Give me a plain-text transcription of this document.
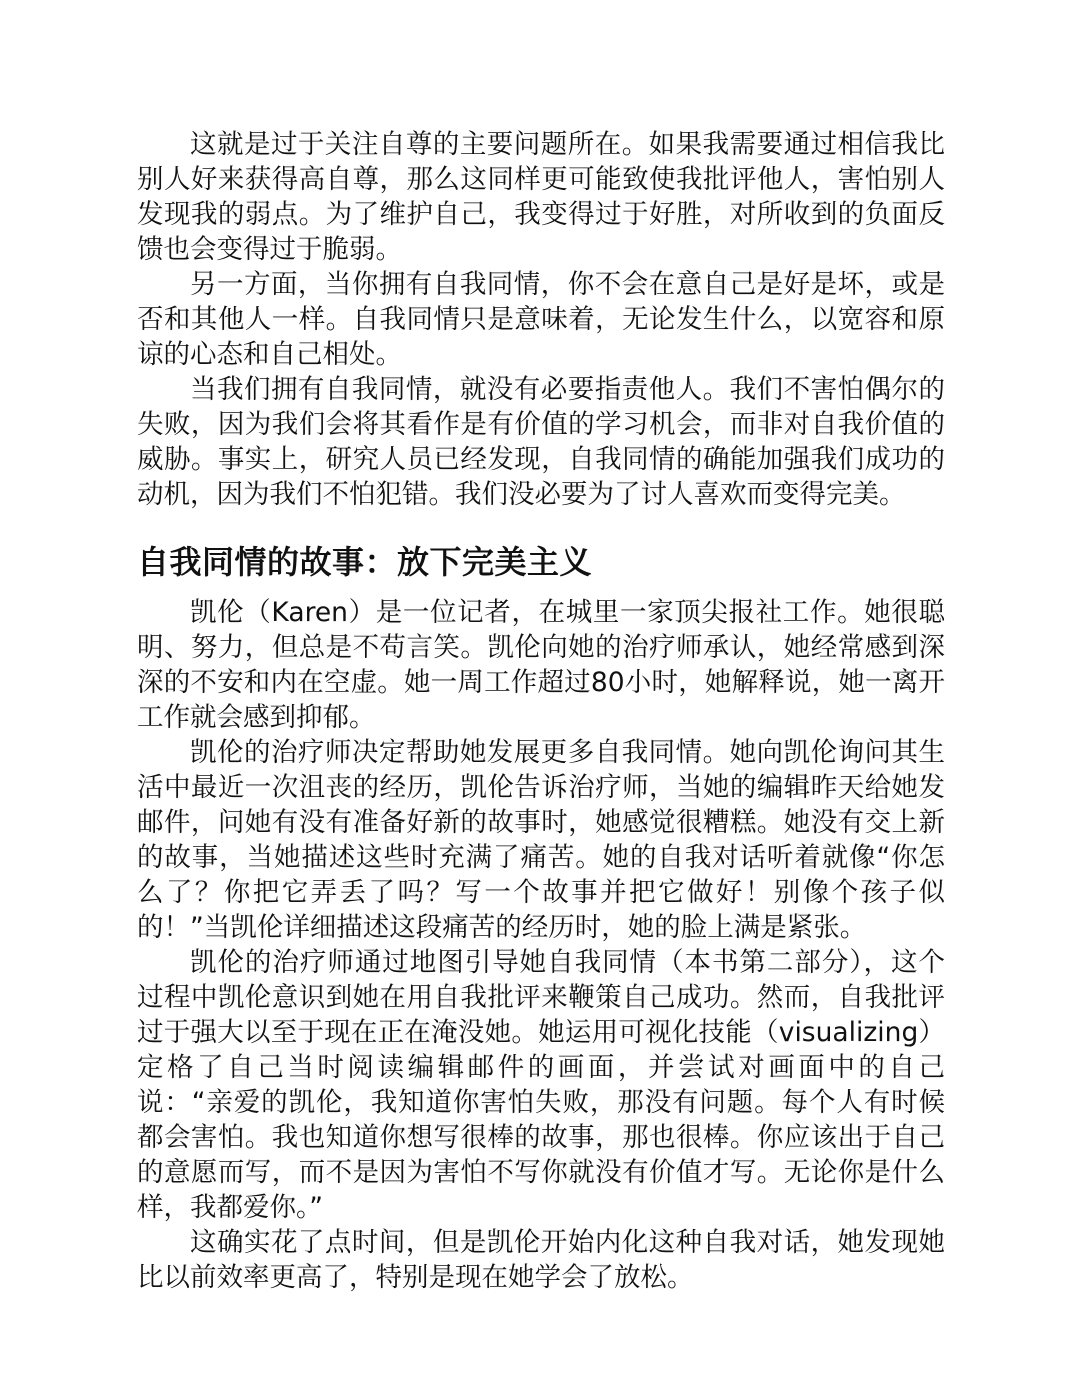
这就是过于关注自尊的主要问题所在。如果我需要通过相信我比别人好来获得高自尊，那么这同样更可能致使我批评他人，害怕别人发现我的弱点。为了维护自己，我变得过于好胜，对所收到的负面反馈也会变得过于脆弱。

另一方面，当你拥有自我同情，你不会在意自己是好是坏，或是否和其他人一样。自我同情只是意味着，无论发生什么，以宽容和原谅的心态和自己相处。

当我们拥有自我同情，就没有必要指责他人。我们不害怕偶尔的失败，因为我们会将其看作是有价值的学习机会，而非对自我价值的威胁。事实上，研究人员已经发现，自我同情的确能加强我们成功的动机，因为我们不怕犯错。我们没必要为了讨人喜欢而变得完美。

自我同情的故事：放下完美主义

凯伦（Karen）是一位记者，在城里一家顶尖报社工作。她很聪明、努力，但总是不苟言笑。凯伦向她的治疗师承认，她经常感到深深的不安和内在空虚。她一周工作超过80小时，她解释说，她一离开工作就会感到抑郁。

凯伦的治疗师决定帮助她发展更多自我同情。她向凯伦询问其生活中最近一次沮丧的经历，凯伦告诉治疗师，当她的编辑昨天给她发邮件，问她有没有准备好新的故事时，她感觉很糟糕。她没有交上新的故事，当她描述这些时充满了痛苦。她的自我对话听着就像“你怎么了？你把它弄丢了吗？写一个故事并把它做好！别像个孩子似的！”当凯伦详细描述这段痛苦的经历时，她的脸上满是紧张。

凯伦的治疗师通过地图引导她自我同情（本书第二部分），这个过程中凯伦意识到她在用自我批评来鞭策自己成功。然而，自我批评过于强大以至于现在正在淹没她。她运用可视化技能（visualizing）定格了自己当时阅读编辑邮件的画面，并尝试对画面中的自己说：“亲爱的凯伦，我知道你害怕失败，那没有问题。每个人有时候都会害怕。我也知道你想写很棒的故事，那也很棒。你应该出于自己的意愿而写，而不是因为害怕不写你就没有价值才写。无论你是什么样，我都爱你。”

这确实花了点时间，但是凯伦开始内化这种自我对话，她发现她比以前效率更高了，特别是现在她学会了放松。
